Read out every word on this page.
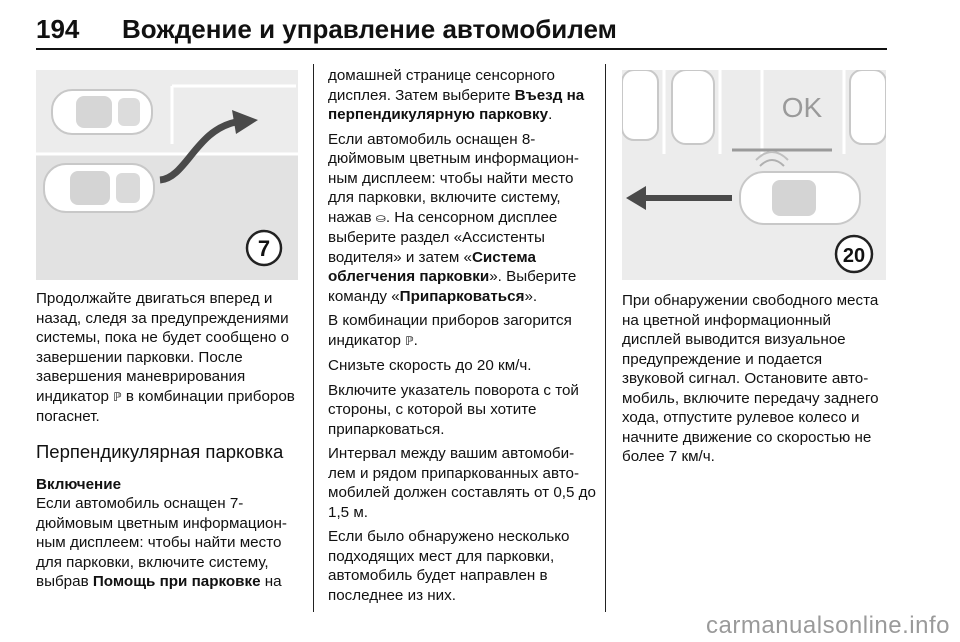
194 Вождение и управление автомобилем
7
OK
20

Продолжайте двигаться вперед и назад, следя за предупреждениями системы, пока не будет сообщено о завершении парковки. После завершения маневрирования индикатор ℙ в комбинации приборов погаснет.

Перпендикулярная парковка
Включение

Если автомобиль оснащен 7-дюймовым цветным информационным дисплеем: чтобы найти место для парковки, включите систему, выбрав Помощь при парковке на

домашней странице сенсорного дисплея. Затем выберите Въезд на перпендикулярную парковку.

Если автомобиль оснащен 8-дюймовым цветным информационным дисплеем: чтобы найти место для парковки, включите систему, нажав ⛀. На сенсорном дисплее выберите раздел «Ассистенты водителя» и затем «Система облегчения парковки». Выберите команду «Припарковаться».

В комбинации приборов загорится индикатор ℙ.

Снизьте скорость до 20 км/ч.

Включите указатель поворота с той стороны, с которой вы хотите припарковаться.

Интервал между вашим автомобилем и рядом припаркованных автомобилей должен составлять от 0,5 до 1,5 м.

Если было обнаружено несколько подходящих мест для парковки, автомобиль будет направлен в последнее из них.

При обнаружении свободного места на цветной информационный дисплей выводится визуальное предупреждение и подается звуковой сигнал. Остановите автомобиль, включите передачу заднего хода, отпустите рулевое колесо и начните движение со скоростью не более 7 км/ч.

carmanualsonline.info
